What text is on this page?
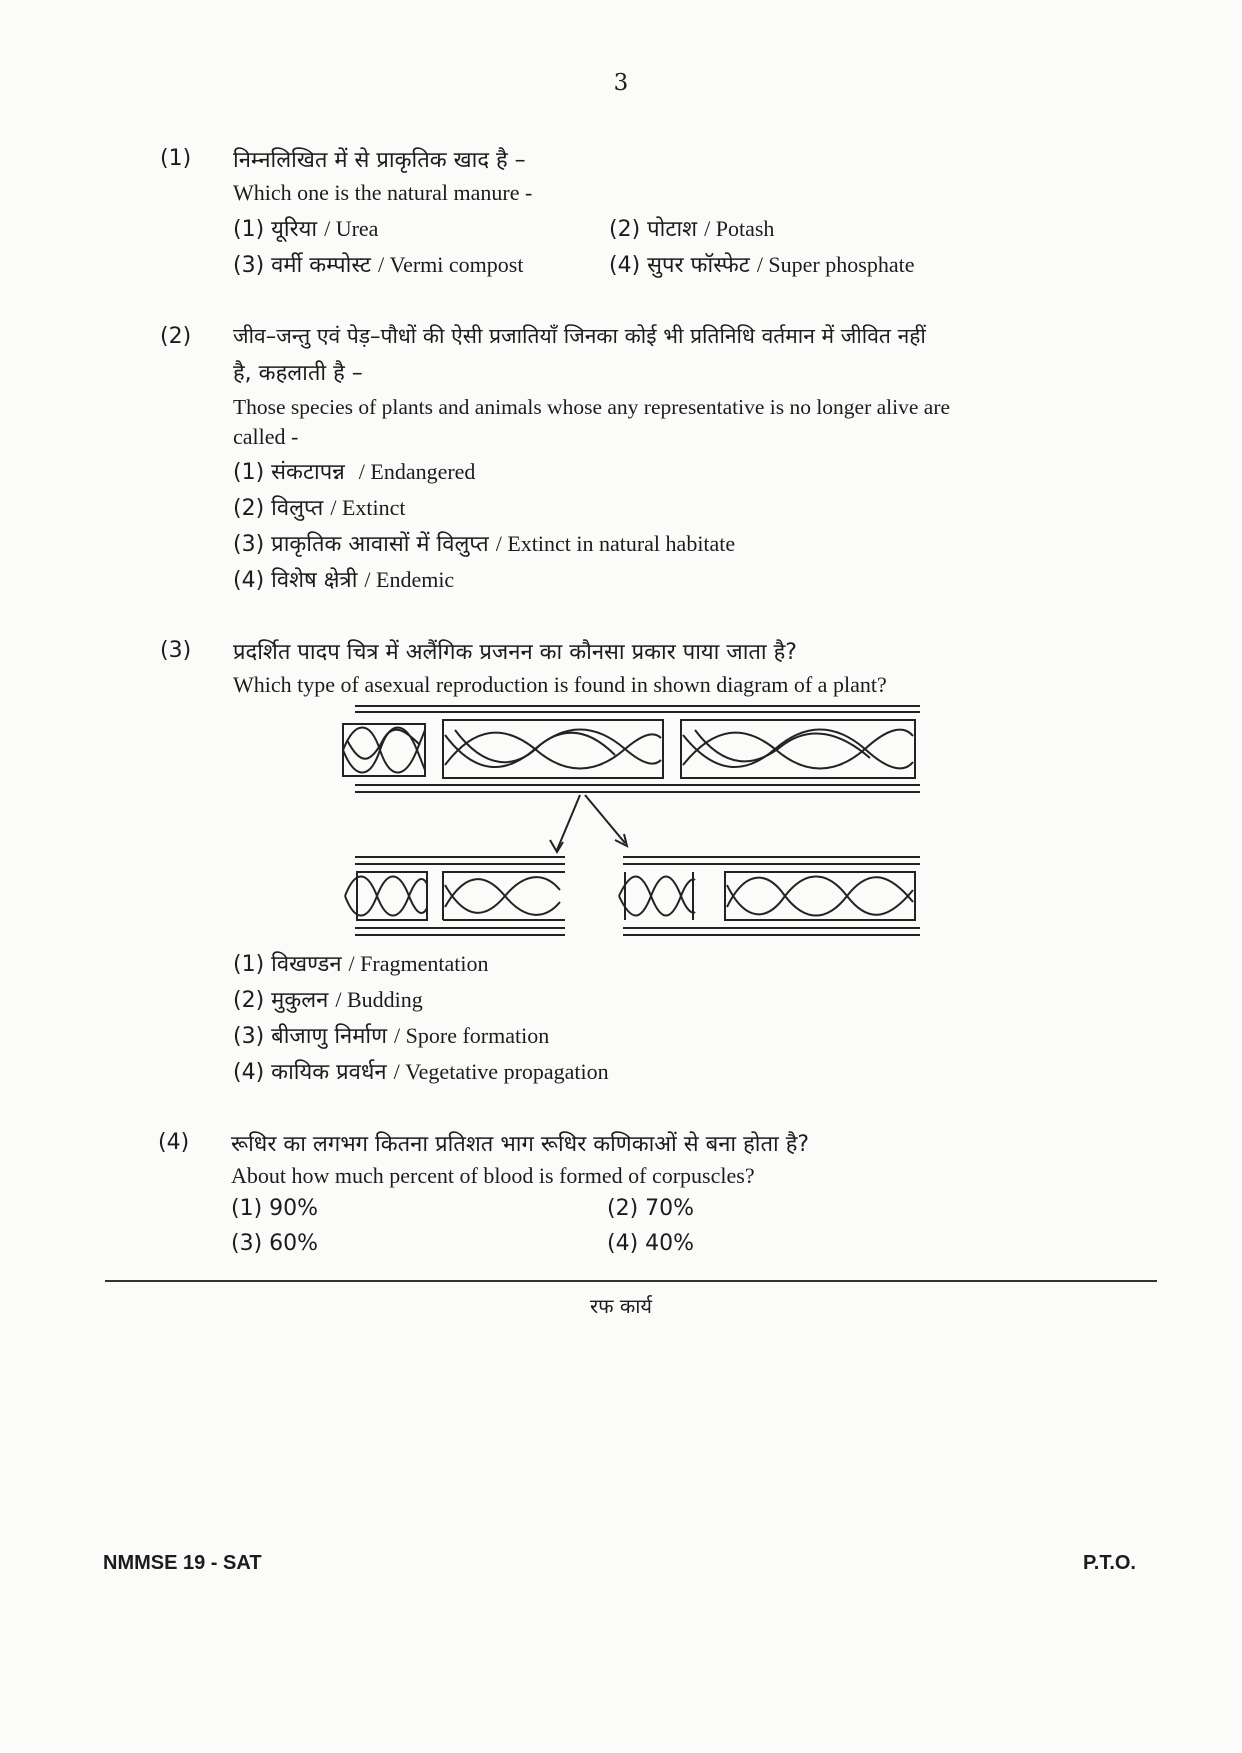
3
(1) निम्नलिखित में से प्राकृतिक खाद है –
Which one is the natural manure -
(1) यूरिया / Urea	(2) पोटाश / Potash
(3) वर्मी कम्पोस्ट / Vermi compost	(4) सुपर फॉस्फेट / Super phosphate
(2) जीव–जन्तु एवं पेड़–पौधों की ऐसी प्रजातियाँ जिनका कोई भी प्रतिनिधि वर्तमान में जीवित नहीं
है, कहलाती है –
Those species of plants and animals whose any representative is no longer alive are
called -
(1) संकटापन्न / Endangered
(2) विलुप्त / Extinct
(3) प्राकृतिक आवासों में विलुप्त / Extinct in natural habitate
(4) विशेष क्षेत्री / Endemic
(3) प्रदर्शित पादप चित्र में अलैंगिक प्रजनन का कौनसा प्रकार पाया जाता है?
Which type of asexual reproduction is found in shown diagram of a plant?
(1) विखण्डन / Fragmentation
(2) मुकुलन / Budding
(3) बीजाणु निर्माण / Spore formation
(4) कायिक प्रवर्धन / Vegetative propagation
(4) रूधिर का लगभग कितना प्रतिशत भाग रूधिर कणिकाओं से बना होता है?
About how much percent of blood is formed of corpuscles?
(1) 90%	(2) 70%
(3) 60%	(4) 40%
रफ कार्य
NMMSE 19 - SAT	P.T.O.
